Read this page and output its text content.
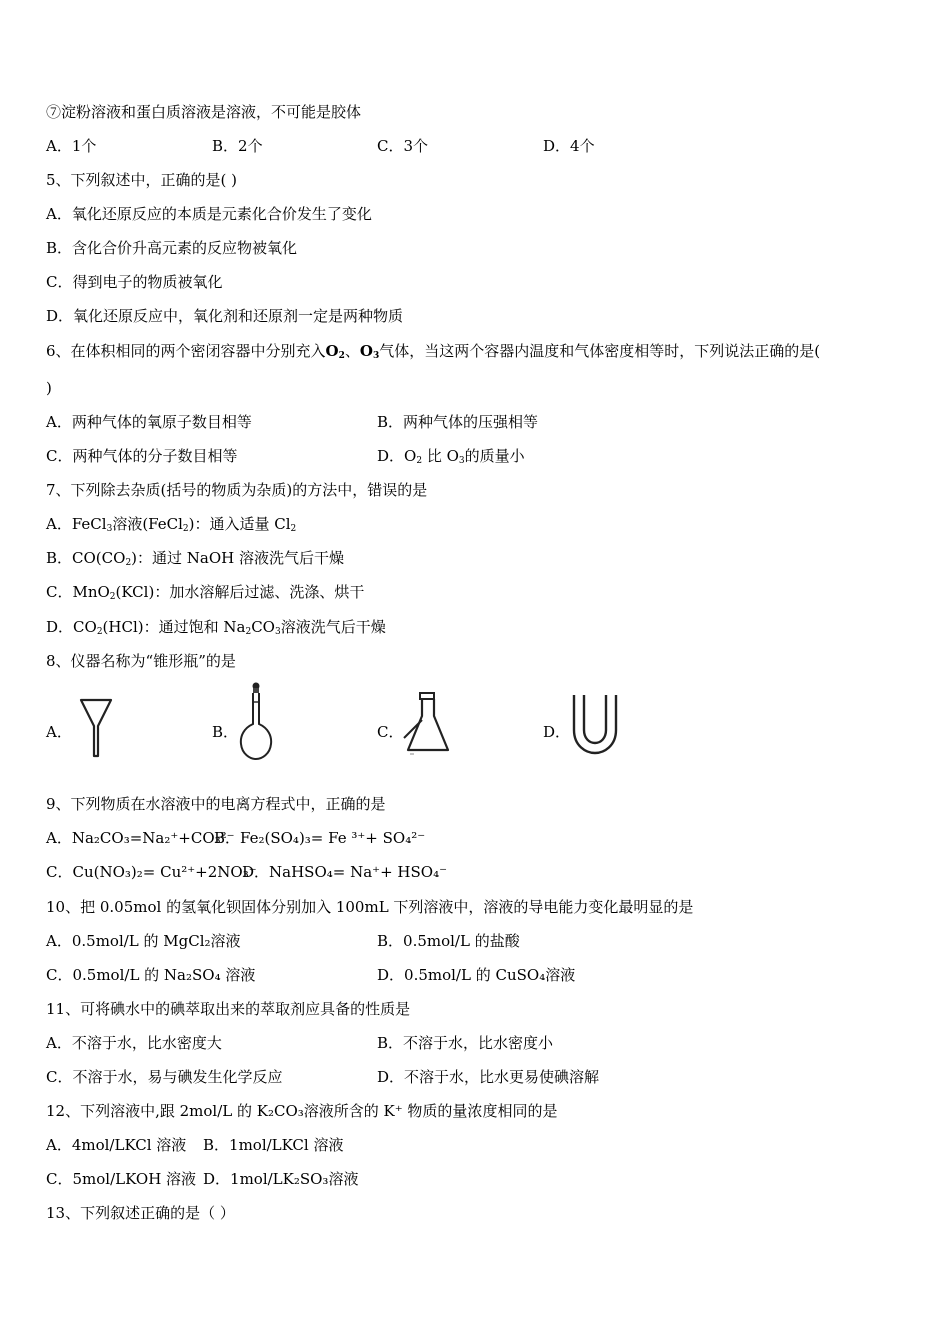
⑦淀粉溶液和蛋白质溶液是溶液，不可能是胶体
A．1个	B．2个	C．3个	D．4个
5、下列叙述中，正确的是( )
A．氧化还原反应的本质是元素化合价发生了变化
B．含化合价升高元素的反应物被氧化
C．得到电子的物质被氧化
D．氧化还原反应中，氧化剂和还原剂一定是两种物质
6、在体积相同的两个密闭容器中分别充入$O_2$、$O_3$气体，当这两个容器内温度和气体密度相等时，下列说法正确的是(
)
A．两种气体的氧原子数目相等	B．两种气体的压强相等
C．两种气体的分子数目相等	D．$O_2$ 比 $O_3$的质量小
7、下列除去杂质(括号的物质为杂质)的方法中，错误的是
A．FeCl$_3$溶液(FeCl$_2$)：通入适量 $Cl_2$
B．$CO(CO_2)$：通过 NaOH 溶液洗气后干燥
C．MnO$_2$(KCl)：加水溶解后过滤、洗涤、烘干
D．$CO_2(HCl)$：通过饱和 $Na_2CO_3$溶液洗气后干燥
8、仪器名称为“锥形瓶”的是
A．	B．	C．	D．
9、下列物质在水溶液中的电离方程式中，正确的是
A．Na₂CO₃=Na₂⁺+CO₃²⁻
B．Fe₂(SO₄)₃= Fe ³⁺+ SO₄²⁻
C．Cu(NO₃)₂= Cu²⁺+2NO₃⁻
D．NaHSO₄= Na⁺+ HSO₄⁻
10、把 0.05mol 的氢氧化钡固体分别加入 100mL 下列溶液中，溶液的导电能力变化最明显的是
A．0.5mol/L 的 MgCl₂溶液	B．0.5mol/L 的盐酸
C．0.5mol/L 的 Na₂SO₄ 溶液	D．0.5mol/L 的 CuSO₄溶液
11、可将碘水中的碘萃取出来的萃取剂应具备的性质是
A．不溶于水，比水密度大	B．不溶于水，比水密度小
C．不溶于水，易与碘发生化学反应	D．不溶于水，比水更易使碘溶解
12、下列溶液中,跟 2mol/L 的 K₂CO₃溶液所含的 K⁺ 物质的量浓度相同的是
A．4mol/LKCl 溶液 B．1mol/LKCl 溶液
C．5mol/LKOH 溶液 D．1mol/LK₂SO₃溶液
13、下列叙述正确的是（ ）
